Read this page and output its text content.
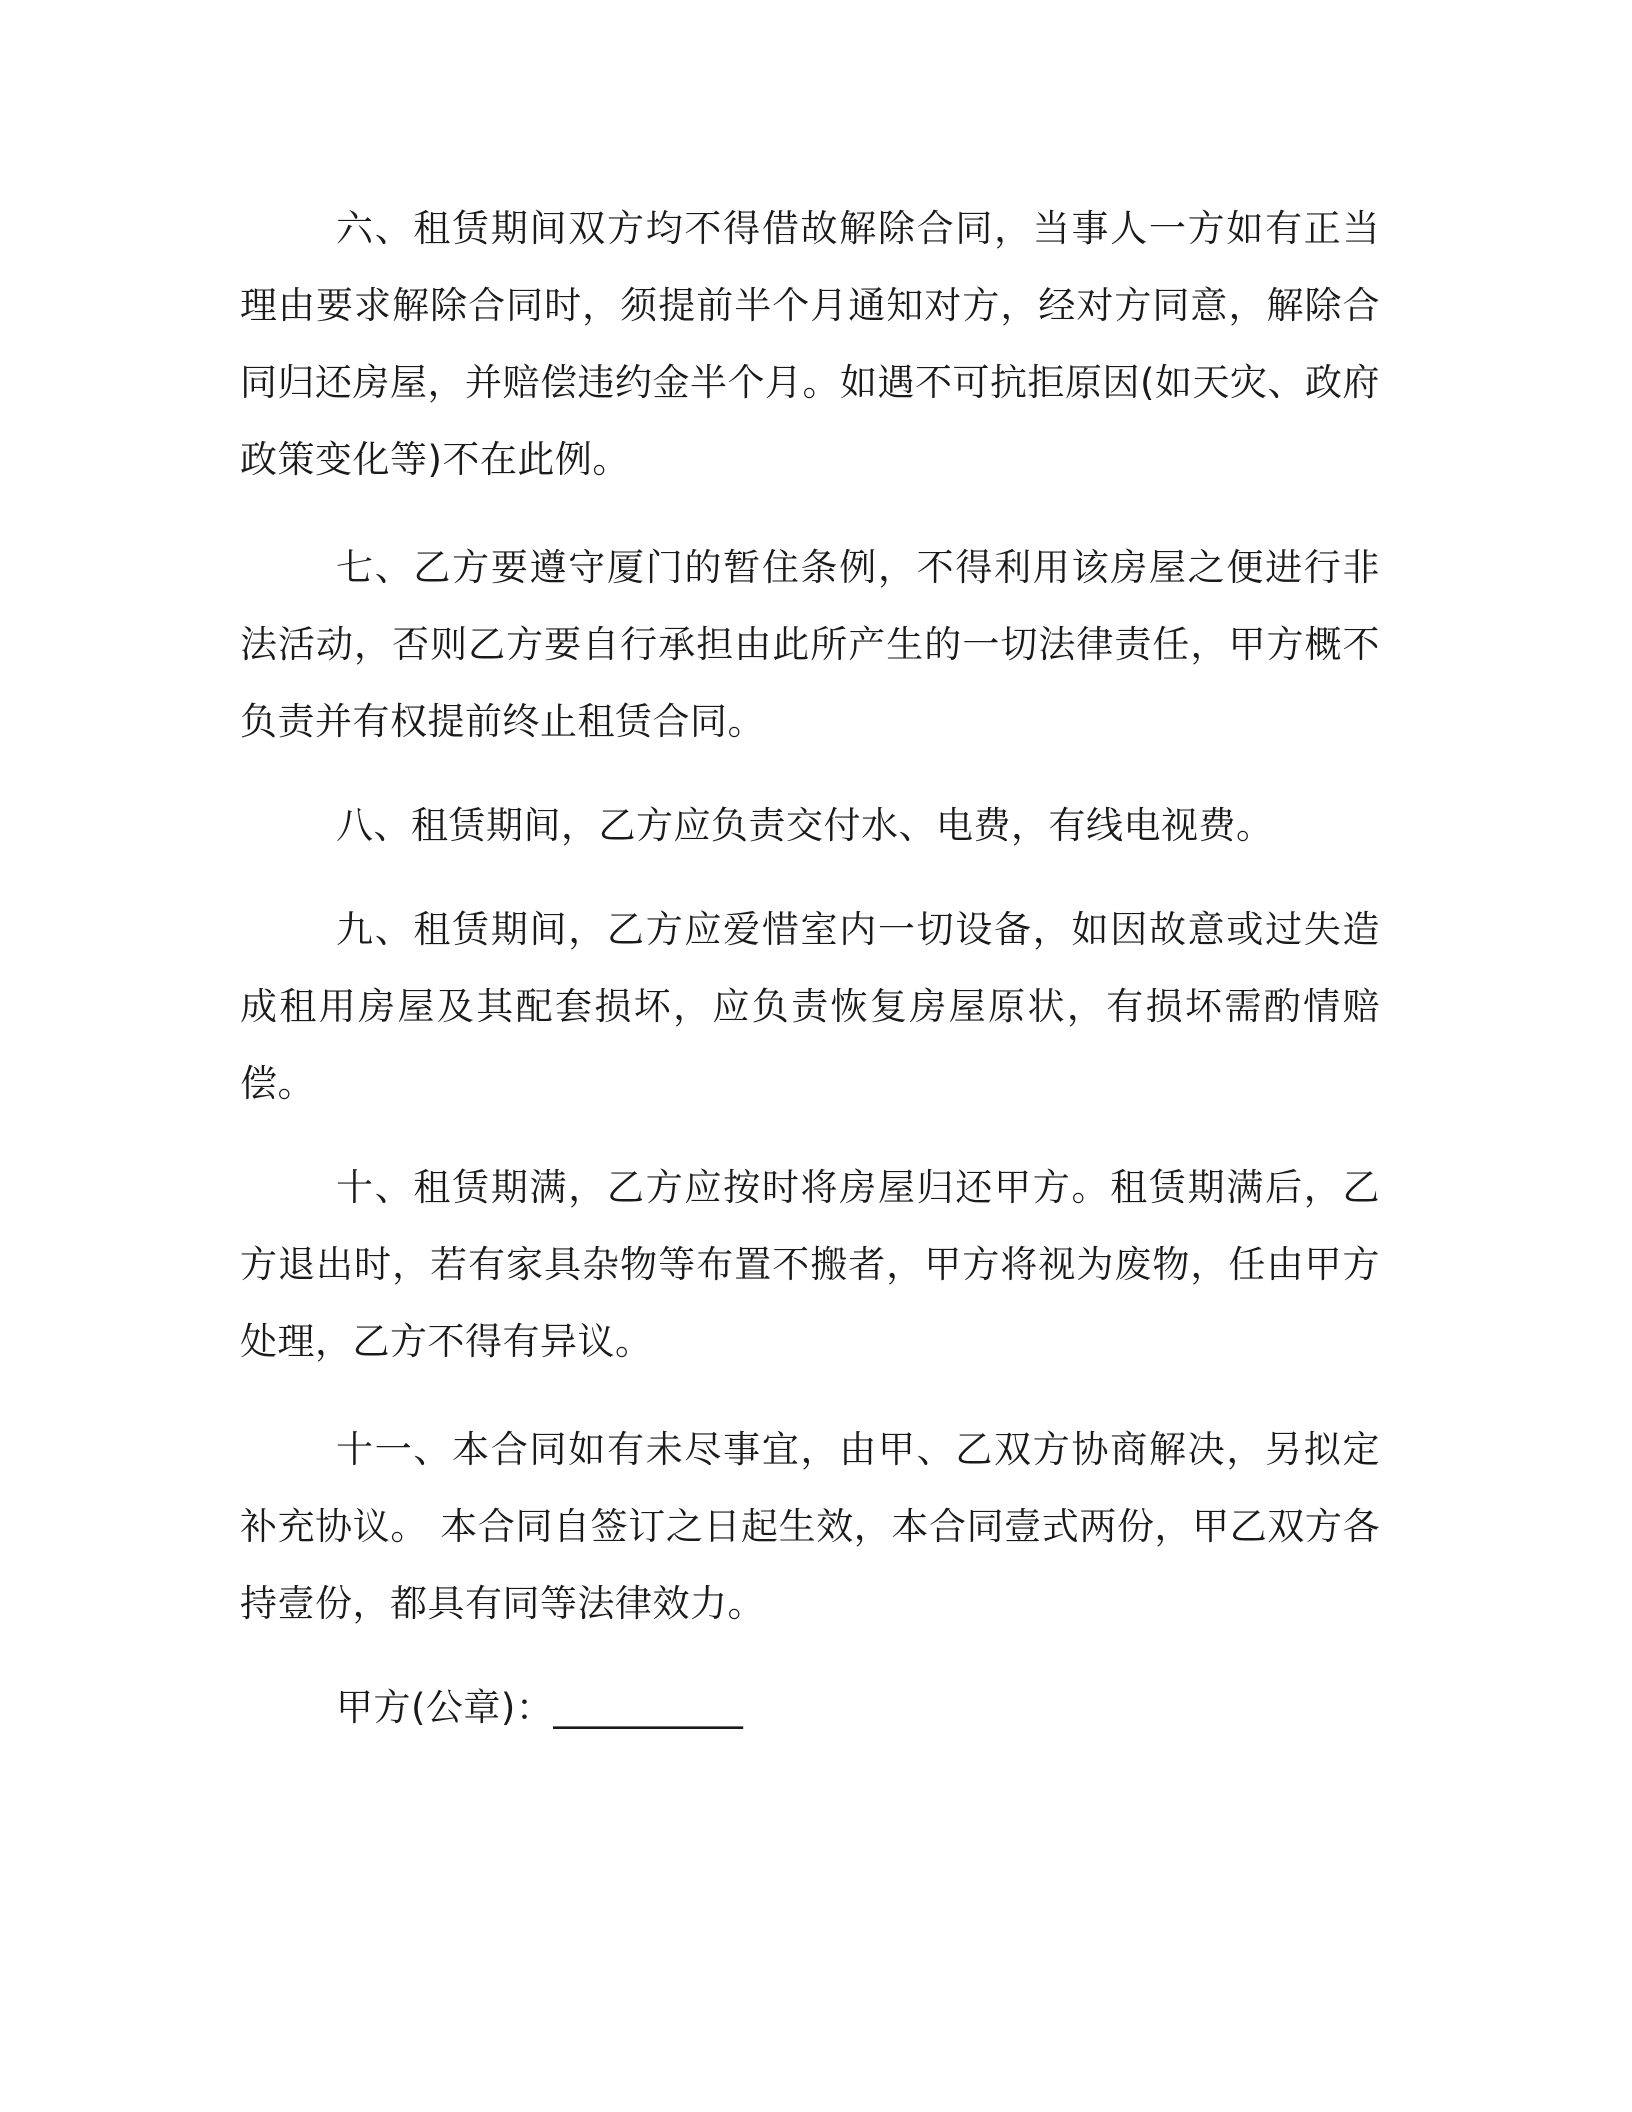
六、租赁期间双方均不得借故解除合同，当事人一方如有正当理由要求解除合同时，须提前半个月通知对方，经对方同意，解除合同归还房屋，并赔偿违约金半个月。如遇不可抗拒原因(如天灾、政府政策变化等)不在此例。

七、乙方要遵守厦门的暂住条例，不得利用该房屋之便进行非法活动，否则乙方要自行承担由此所产生的一切法律责任，甲方概不负责并有权提前终止租赁合同。

八、租赁期间，乙方应负责交付水、电费，有线电视费。

九、租赁期间，乙方应爱惜室内一切设备，如因故意或过失造成租用房屋及其配套损坏，应负责恢复房屋原状，有损坏需酌情赔偿。

十、租赁期满，乙方应按时将房屋归还甲方。租赁期满后，乙方退出时，若有家具杂物等布置不搬者，甲方将视为废物，任由甲方处理，乙方不得有异议。

十一、本合同如有未尽事宜，由甲、乙双方协商解决，另拟定补充协议。 本合同自签订之日起生效，本合同壹式两份，甲乙双方各持壹份，都具有同等法律效力。

甲方(公章)：__________
